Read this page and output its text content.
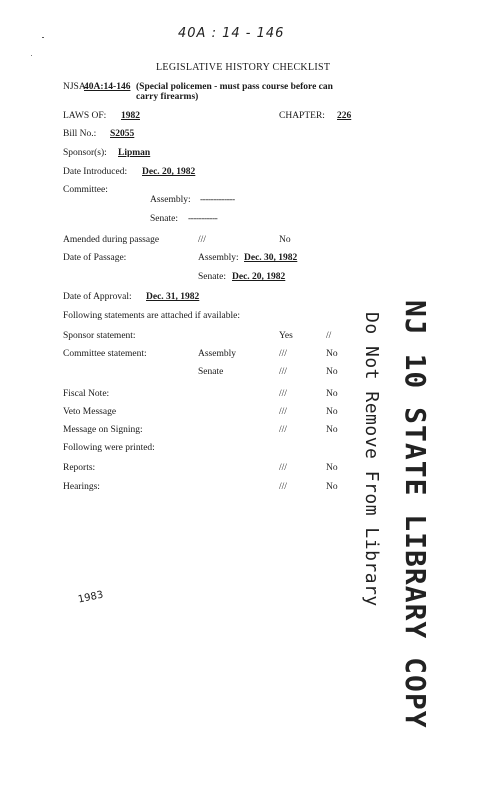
40A : 14 - 146
LEGISLATIVE HISTORY CHECKLIST
NJSA:
40A:14-146 (Special policemen - must pass course before can carry firearms)
LAWS OF: 1982	CHAPTER: 226
Bill No.: S2055
Sponsor(s): Lipman
Date Introduced: Dec. 20, 1982
Committee:
Assembly: -------------
Senate: -----------
Amended during passage	///	No
Date of Passage:	Assembly: Dec. 30, 1982
Senate: Dec. 20, 1982
Date of Approval: Dec. 31, 1982
Following statements are attached if available:
Sponsor statement:	Yes	//
Committee statement:	Assembly	///	No
Senate	///	No
Fiscal Note:	///	No
Veto Message	///	No
Message on Signing:	///	No
Following were printed:
Reports:	///	No
Hearings:	///	No NJ 10 STATE LIBRARY COPY
Do Not Remove From Library
1983
